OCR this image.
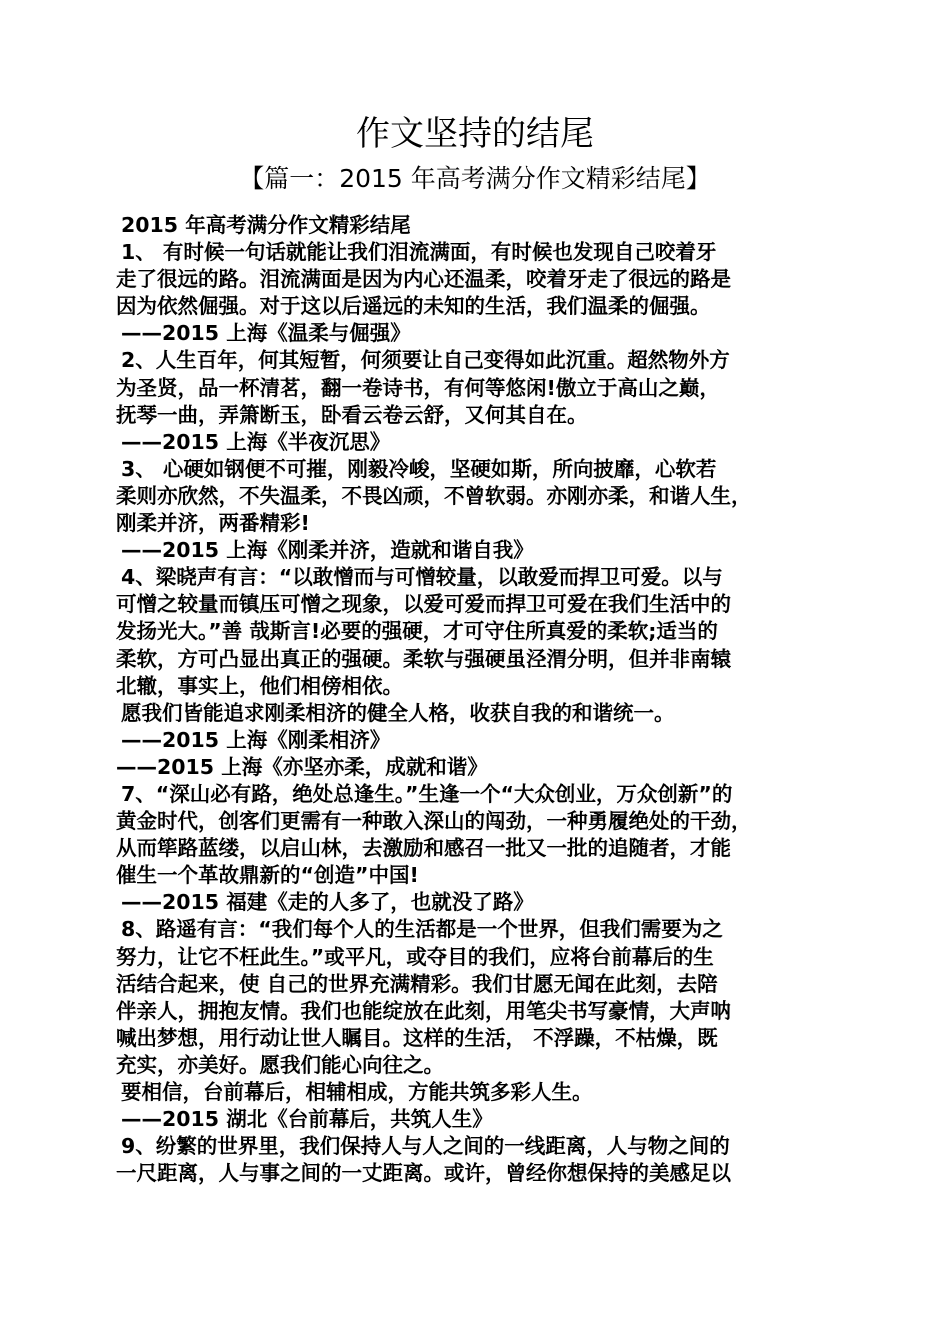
作文坚持的结尾
【篇一：2015 年高考满分作文精彩结尾】
2015 年高考满分作文精彩结尾
1、 有时候一句话就能让我们泪流满面，有时候也发现自己咬着牙
走了很远的路。泪流满面是因为内心还温柔，咬着牙走了很远的路是
因为依然倔强。对于这以后遥远的未知的生活，我们温柔的倔强。
——2015 上海《温柔与倔强》
2、人生百年，何其短暂，何须要让自己变得如此沉重。超然物外方
为圣贤，品一杯清茗，翻一卷诗书，有何等悠闲!傲立于高山之巅，
抚琴一曲，弄箫断玉，卧看云卷云舒，又何其自在。
——2015 上海《半夜沉思》
3、 心硬如钢便不可摧，刚毅冷峻，坚硬如斯，所向披靡，心软若
柔则亦欣然，不失温柔，不畏凶顽，不曾软弱。亦刚亦柔，和谐人生，
刚柔并济，两番精彩!
——2015 上海《刚柔并济，造就和谐自我》
4、梁晓声有言：“以敢憎而与可憎较量，以敢爱而捍卫可爱。以与
可憎之较量而镇压可憎之现象，以爱可爱而捍卫可爱在我们生活中的
发扬光大。”善 哉斯言!必要的强硬，才可守住所真爱的柔软;适当的
柔软，方可凸显出真正的强硬。柔软与强硬虽泾渭分明，但并非南辕
北辙，事实上，他们相傍相依。
愿我们皆能追求刚柔相济的健全人格，收获自我的和谐统一。
——2015 上海《刚柔相济》
——2015 上海《亦坚亦柔，成就和谐》
7、“深山必有路，绝处总逢生。”生逢一个“大众创业，万众创新”的
黄金时代，创客们更需有一种敢入深山的闯劲，一种勇履绝处的干劲，
从而筚路蓝缕，以启山林，去激励和感召一批又一批的追随者，才能
催生一个革故鼎新的“创造”中国!
——2015 福建《走的人多了，也就没了路》
8、路遥有言：“我们每个人的生活都是一个世界，但我们需要为之
努力，让它不枉此生。”或平凡，或夺目的我们，应将台前幕后的生
活结合起来，使 自己的世界充满精彩。我们甘愿无闻在此刻，去陪
伴亲人，拥抱友情。我们也能绽放在此刻，用笔尖书写豪情，大声呐
喊出梦想，用行动让世人瞩目。这样的生活， 不浮躁，不枯燥，既
充实，亦美好。愿我们能心向往之。
要相信，台前幕后，相辅相成，方能共筑多彩人生。
——2015 湖北《台前幕后，共筑人生》
9、纷繁的世界里，我们保持人与人之间的一线距离，人与物之间的
一尺距离，人与事之间的一丈距离。或许，曾经你想保持的美感足以
